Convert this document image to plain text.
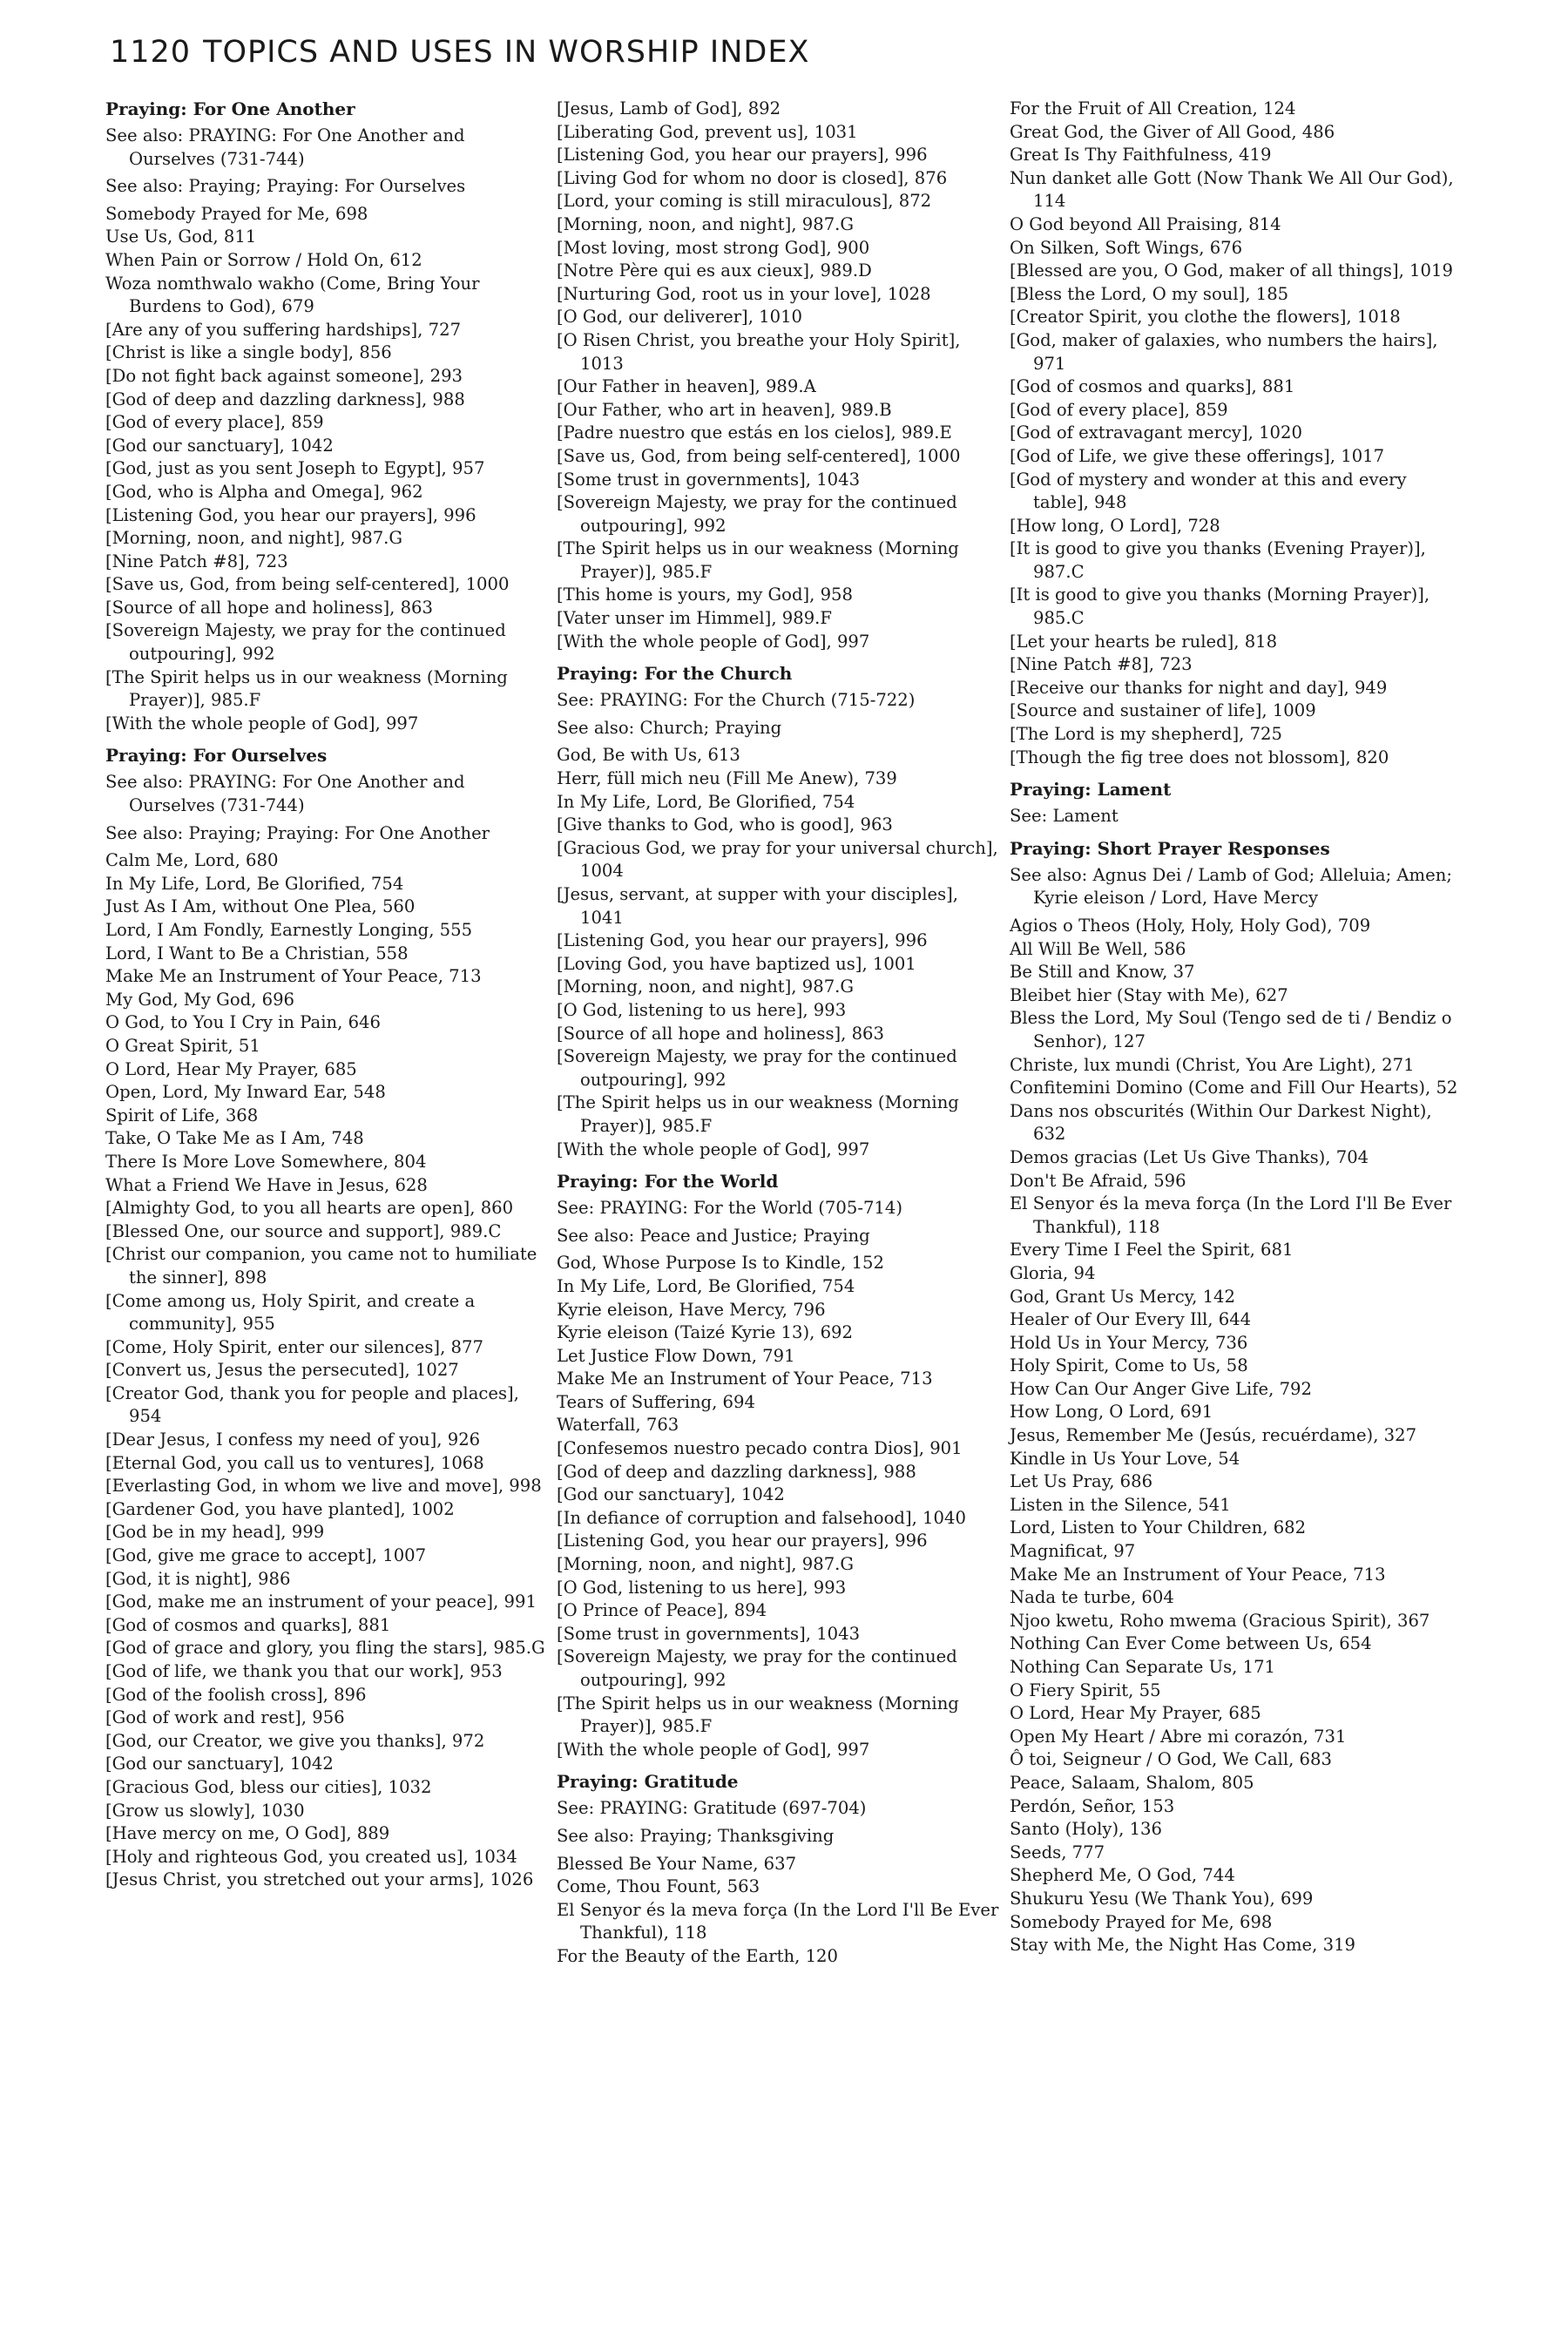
1120 TOPICS AND USES IN WORSHIP INDEX
Praying: For One Another
See also: PRAYING: For One Another and Ourselves (731-744)
See also: Praying; Praying: For Ourselves
Somebody Prayed for Me, 698
Use Us, God, 811
When Pain or Sorrow / Hold On, 612
Woza nomthwalo wakho (Come, Bring Your Burdens to God), 679
[Are any of you suffering hardships], 727
[Christ is like a single body], 856
[Do not fight back against someone], 293
[God of deep and dazzling darkness], 988
[God of every place], 859
[God our sanctuary], 1042
[God, just as you sent Joseph to Egypt], 957
[God, who is Alpha and Omega], 962
[Listening God, you hear our prayers], 996
[Morning, noon, and night], 987.G
[Nine Patch #8], 723
[Save us, God, from being self-centered], 1000
[Source of all hope and holiness], 863
[Sovereign Majesty, we pray for the continued outpouring], 992
[The Spirit helps us in our weakness (Morning Prayer)], 985.F
[With the whole people of God], 997
Praying: For Ourselves
See also: PRAYING: For One Another and Ourselves (731-744)
See also: Praying; Praying: For One Another
Calm Me, Lord, 680
In My Life, Lord, Be Glorified, 754
Just As I Am, without One Plea, 560
Lord, I Am Fondly, Earnestly Longing, 555
Lord, I Want to Be a Christian, 558
Make Me an Instrument of Your Peace, 713
My God, My God, 696
O God, to You I Cry in Pain, 646
O Great Spirit, 51
O Lord, Hear My Prayer, 685
Open, Lord, My Inward Ear, 548
Spirit of Life, 368
Take, O Take Me as I Am, 748
There Is More Love Somewhere, 804
What a Friend We Have in Jesus, 628
[Almighty God, to you all hearts are open], 860
[Blessed One, our source and support], 989.C
[Christ our companion, you came not to humiliate the sinner], 898
[Come among us, Holy Spirit, and create a community], 955
[Come, Holy Spirit, enter our silences], 877
[Convert us, Jesus the persecuted], 1027
[Creator God, thank you for people and places], 954
[Dear Jesus, I confess my need of you], 926
[Eternal God, you call us to ventures], 1068
[Everlasting God, in whom we live and move], 998
[Gardener God, you have planted], 1002
[God be in my head], 999
[God, give me grace to accept], 1007
[God, it is night], 986
[God, make me an instrument of your peace], 991
[God of cosmos and quarks], 881
[God of grace and glory, you fling the stars], 985.G
[God of life, we thank you that our work], 953
[God of the foolish cross], 896
[God of work and rest], 956
[God, our Creator, we give you thanks], 972
[God our sanctuary], 1042
[Gracious God, bless our cities], 1032
[Grow us slowly], 1030
[Have mercy on me, O God], 889
[Holy and righteous God, you created us], 1034
[Jesus Christ, you stretched out your arms], 1026
[Jesus, Lamb of God], 892
[Liberating God, prevent us], 1031
[Listening God, you hear our prayers], 996
[Living God for whom no door is closed], 876
[Lord, your coming is still miraculous], 872
[Morning, noon, and night], 987.G
[Most loving, most strong God], 900
[Notre Père qui es aux cieux], 989.D
[Nurturing God, root us in your love], 1028
[O God, our deliverer], 1010
[O Risen Christ, you breathe your Holy Spirit], 1013
[Our Father in heaven], 989.A
[Our Father, who art in heaven], 989.B
[Padre nuestro que estás en los cielos], 989.E
[Save us, God, from being self-centered], 1000
[Some trust in governments], 1043
[Sovereign Majesty, we pray for the continued outpouring], 992
[The Spirit helps us in our weakness (Morning Prayer)], 985.F
[This home is yours, my God], 958
[Vater unser im Himmel], 989.F
[With the whole people of God], 997
Praying: For the Church
See: PRAYING: For the Church (715-722)
See also: Church; Praying
God, Be with Us, 613
Herr, füll mich neu (Fill Me Anew), 739
In My Life, Lord, Be Glorified, 754
[Give thanks to God, who is good], 963
[Gracious God, we pray for your universal church], 1004
[Jesus, servant, at supper with your disciples], 1041
[Listening God, you hear our prayers], 996
[Loving God, you have baptized us], 1001
[Morning, noon, and night], 987.G
[O God, listening to us here], 993
[Source of all hope and holiness], 863
[Sovereign Majesty, we pray for the continued outpouring], 992
[The Spirit helps us in our weakness (Morning Prayer)], 985.F
[With the whole people of God], 997
Praying: For the World
See: PRAYING: For the World (705-714)
See also: Peace and Justice; Praying
God, Whose Purpose Is to Kindle, 152
In My Life, Lord, Be Glorified, 754
Kyrie eleison, Have Mercy, 796
Kyrie eleison (Taizé Kyrie 13), 692
Let Justice Flow Down, 791
Make Me an Instrument of Your Peace, 713
Tears of Suffering, 694
Waterfall, 763
[Confesemos nuestro pecado contra Dios], 901
[God of deep and dazzling darkness], 988
[God our sanctuary], 1042
[In defiance of corruption and falsehood], 1040
[Listening God, you hear our prayers], 996
[Morning, noon, and night], 987.G
[O God, listening to us here], 993
[O Prince of Peace], 894
[Some trust in governments], 1043
[Sovereign Majesty, we pray for the continued outpouring], 992
[The Spirit helps us in our weakness (Morning Prayer)], 985.F
[With the whole people of God], 997
Praying: Gratitude
See: PRAYING: Gratitude (697-704)
See also: Praying; Thanksgiving
Blessed Be Your Name, 637
Come, Thou Fount, 563
El Senyor és la meva força (In the Lord I'll Be Ever Thankful), 118
For the Beauty of the Earth, 120
For the Fruit of All Creation, 124
Great God, the Giver of All Good, 486
Great Is Thy Faithfulness, 419
Nun danket alle Gott (Now Thank We All Our God), 114
O God beyond All Praising, 814
On Silken, Soft Wings, 676
[Blessed are you, O God, maker of all things], 1019
[Bless the Lord, O my soul], 185
[Creator Spirit, you clothe the flowers], 1018
[God, maker of galaxies, who numbers the hairs], 971
[God of cosmos and quarks], 881
[God of every place], 859
[God of extravagant mercy], 1020
[God of Life, we give these offerings], 1017
[God of mystery and wonder at this and every table], 948
[How long, O Lord], 728
[It is good to give you thanks (Evening Prayer)], 987.C
[It is good to give you thanks (Morning Prayer)], 985.C
[Let your hearts be ruled], 818
[Nine Patch #8], 723
[Receive our thanks for night and day], 949
[Source and sustainer of life], 1009
[The Lord is my shepherd], 725
[Though the fig tree does not blossom], 820
Praying: Lament
See: Lament
Praying: Short Prayer Responses
See also: Agnus Dei / Lamb of God; Alleluia; Amen; Kyrie eleison / Lord, Have Mercy
Agios o Theos (Holy, Holy, Holy God), 709
All Will Be Well, 586
Be Still and Know, 37
Bleibet hier (Stay with Me), 627
Bless the Lord, My Soul (Tengo sed de ti / Bendiz o Senhor), 127
Christe, lux mundi (Christ, You Are Light), 271
Confitemini Domino (Come and Fill Our Hearts), 52
Dans nos obscurités (Within Our Darkest Night), 632
Demos gracias (Let Us Give Thanks), 704
Don't Be Afraid, 596
El Senyor és la meva força (In the Lord I'll Be Ever Thankful), 118
Every Time I Feel the Spirit, 681
Gloria, 94
God, Grant Us Mercy, 142
Healer of Our Every Ill, 644
Hold Us in Your Mercy, 736
Holy Spirit, Come to Us, 58
How Can Our Anger Give Life, 792
How Long, O Lord, 691
Jesus, Remember Me (Jesús, recuérdame), 327
Kindle in Us Your Love, 54
Let Us Pray, 686
Listen in the Silence, 541
Lord, Listen to Your Children, 682
Magnificat, 97
Make Me an Instrument of Your Peace, 713
Nada te turbe, 604
Njoo kwetu, Roho mwema (Gracious Spirit), 367
Nothing Can Ever Come between Us, 654
Nothing Can Separate Us, 171
O Fiery Spirit, 55
O Lord, Hear My Prayer, 685
Open My Heart / Abre mi corazón, 731
Ô toi, Seigneur / O God, We Call, 683
Peace, Salaam, Shalom, 805
Perdón, Señor, 153
Santo (Holy), 136
Seeds, 777
Shepherd Me, O God, 744
Shukuru Yesu (We Thank You), 699
Somebody Prayed for Me, 698
Stay with Me, the Night Has Come, 319
